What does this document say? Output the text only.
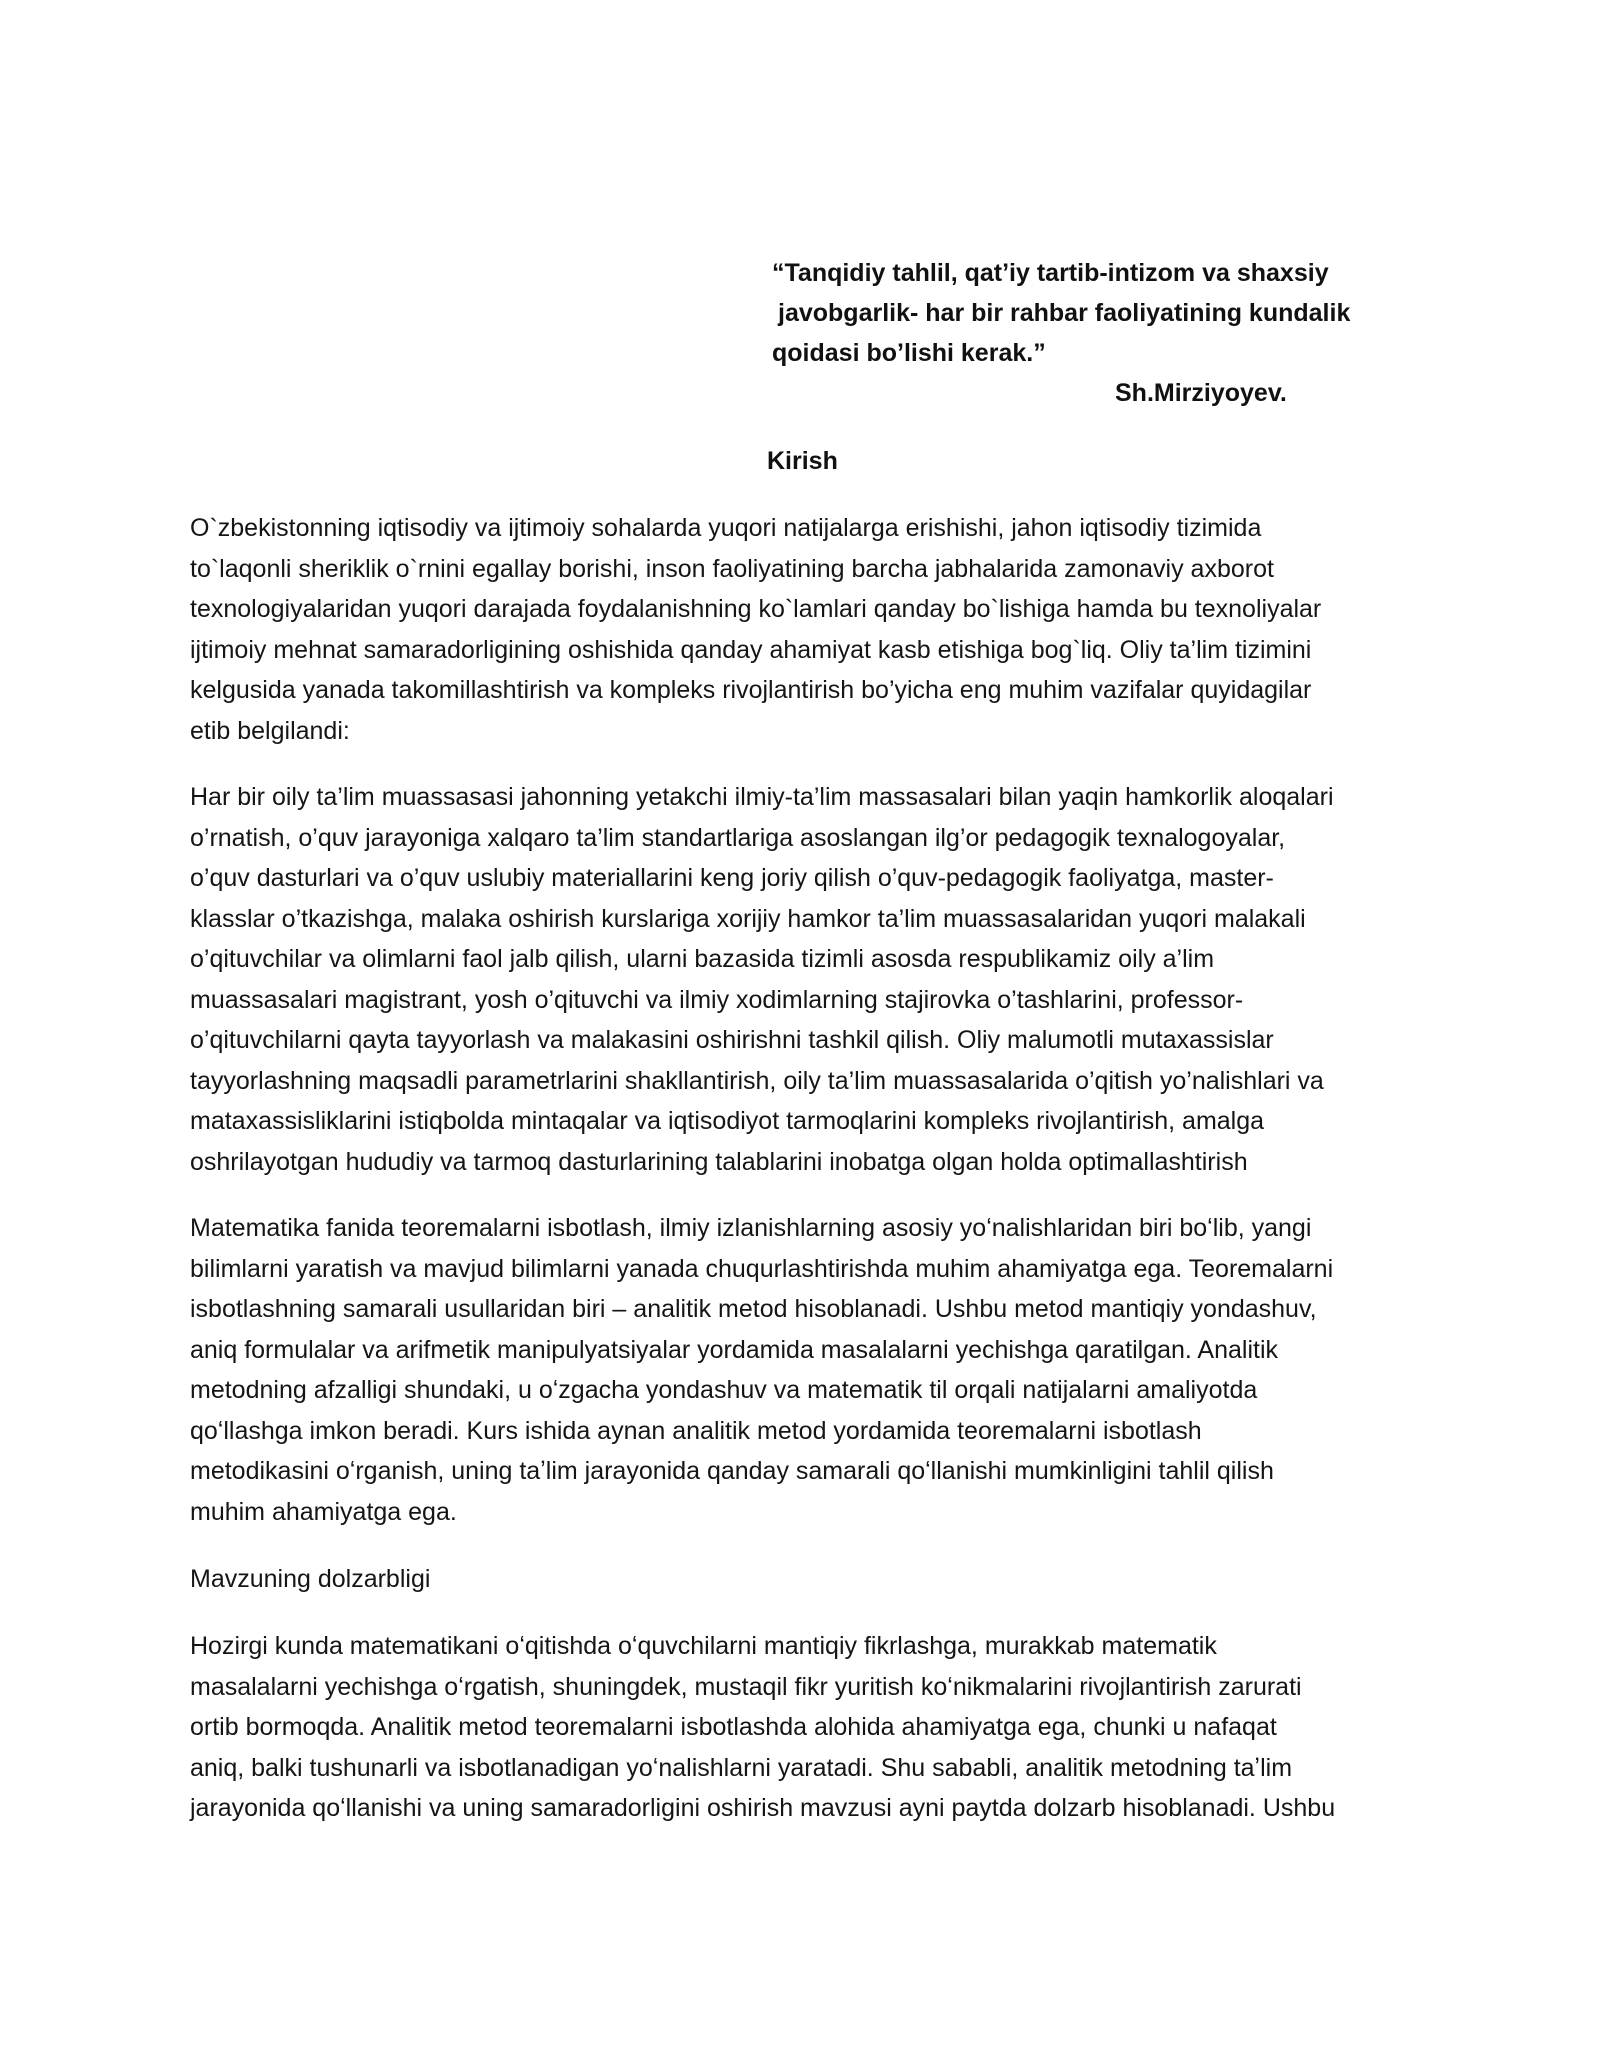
“Tanqidiy tahlil, qat’iy tartib-intizom va shaxsiy
javobgarlik- har bir rahbar faoliyatining kundalik
qoidasi bo’lishi kerak.”
Sh.Mirziyoyev.
Kirish
O`zbekistonning iqtisodiy va ijtimoiy sohalarda yuqori natijalarga erishishi, jahon iqtisodiy tizimida
to`laqonli sheriklik o`rnini egallay borishi, inson faoliyatining barcha jabhalarida zamonaviy axborot
texnologiyalaridan yuqori darajada foydalanishning ko`lamlari qanday bo`lishiga hamda bu texnoliyalar
ijtimoiy mehnat samaradorligining oshishida qanday ahamiyat kasb etishiga bog`liq. Oliy ta’lim tizimini
kelgusida yanada takomillashtirish va kompleks rivojlantirish bo’yicha eng muhim vazifalar quyidagilar
etib belgilandi:
Har bir oily ta’lim muassasasi jahonning yetakchi ilmiy-ta’lim massasalari bilan yaqin hamkorlik aloqalari
o’rnatish, o’quv jarayoniga xalqaro ta’lim standartlariga asoslangan ilg’or pedagogik texnalogoyalar,
o’quv dasturlari va o’quv uslubiy materiallarini keng joriy qilish o’quv-pedagogik faoliyatga, master-
klasslar o’tkazishga, malaka oshirish kurslariga xorijiy hamkor ta’lim muassasalaridan yuqori malakali
o’qituvchilar va olimlarni faol jalb qilish, ularni bazasida tizimli asosda respublikamiz oily a’lim
muassasalari magistrant, yosh o’qituvchi va ilmiy xodimlarning stajirovka o’tashlarini, professor-
o’qituvchilarni qayta tayyorlash va malakasini oshirishni tashkil qilish. Oliy malumotli mutaxassislar
tayyorlashning maqsadli parametrlarini shakllantirish, oily ta’lim muassasalarida o’qitish yo’nalishlari va
mataxassisliklarini istiqbolda mintaqalar va iqtisodiyot tarmoqlarini kompleks rivojlantirish, amalga
oshrilayotgan hududiy va tarmoq dasturlarining talablarini inobatga olgan holda optimallashtirish
Matematika fanida teoremalarni isbotlash, ilmiy izlanishlarning asosiy yoʻnalishlaridan biri boʻlib, yangi
bilimlarni yaratish va mavjud bilimlarni yanada chuqurlashtirishda muhim ahamiyatga ega. Teoremalarni
isbotlashning samarali usullaridan biri – analitik metod hisoblanadi. Ushbu metod mantiqiy yondashuv,
aniq formulalar va arifmetik manipulyatsiyalar yordamida masalalarni yechishga qaratilgan. Analitik
metodning afzalligi shundaki, u oʻzgacha yondashuv va matematik til orqali natijalarni amaliyotda
qoʻllashga imkon beradi. Kurs ishida aynan analitik metod yordamida teoremalarni isbotlash
metodikasini oʻrganish, uning taʼlim jarayonida qanday samarali qoʻllanishi mumkinligini tahlil qilish
muhim ahamiyatga ega.
Mavzuning dolzarbligi
Hozirgi kunda matematikani oʻqitishda oʻquvchilarni mantiqiy fikrlashga, murakkab matematik
masalalarni yechishga oʻrgatish, shuningdek, mustaqil fikr yuritish koʻnikmalarini rivojlantirish zarurati
ortib bormoqda. Analitik metod teoremalarni isbotlashda alohida ahamiyatga ega, chunki u nafaqat
aniq, balki tushunarli va isbotlanadigan yoʻnalishlarni yaratadi. Shu sababli, analitik metodning taʼlim
jarayonida qoʻllanishi va uning samaradorligini oshirish mavzusi ayni paytda dolzarb hisoblanadi. Ushbu
